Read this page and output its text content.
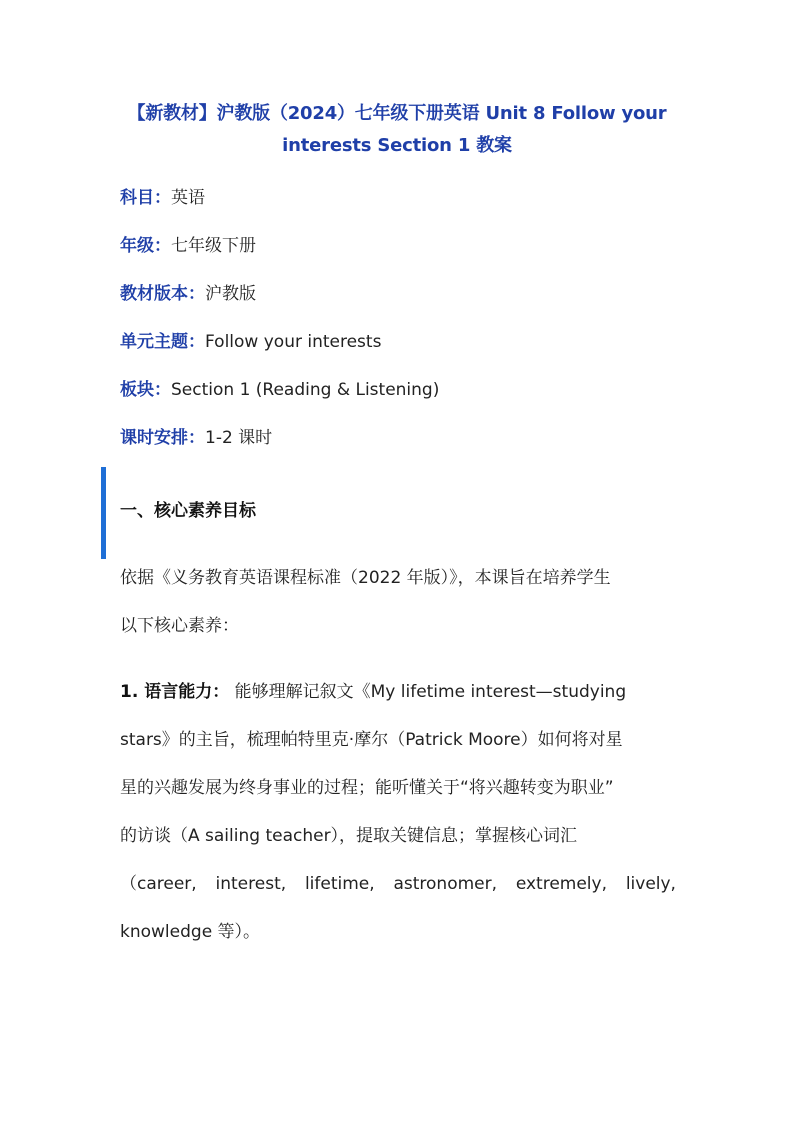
【新教材】沪教版（2024）七年级下册英语 Unit 8 Follow your
interests Section 1 教案
科目：英语
年级：七年级下册
教材版本：沪教版
单元主题：Follow your interests
板块：Section 1 (Reading & Listening)
课时安排：1-2 课时
一、核心素养目标
依据《义务教育英语课程标准（2022 年版）》，本课旨在培养学生
以下核心素养：
1. 语言能力： 能够理解记叙文《My lifetime interest—studying
stars》的主旨，梳理帕特里克·摩尔（Patrick Moore）如何将对星
星的兴趣发展为终身事业的过程；能听懂关于“将兴趣转变为职业”
的访谈（A sailing teacher），提取关键信息；掌握核心词汇
（career, interest, lifetime, astronomer, extremely, lively,
knowledge 等）。
